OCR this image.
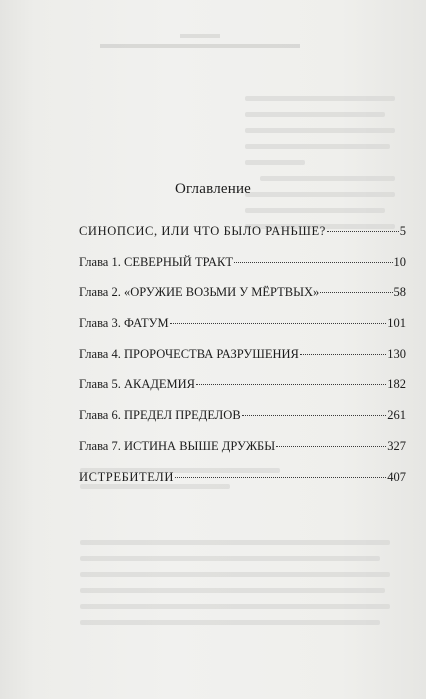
Оглавление
СИНОПСИС, ИЛИ ЧТО БЫЛО РАНЬШЕ?	5
Глава 1. СЕВЕРНЫЙ ТРАКТ	10
Глава 2. «ОРУЖИЕ ВОЗЬМИ У МЁРТВЫХ»	58
Глава 3. ФАТУМ	101
Глава 4. ПРОРОЧЕСТВА РАЗРУШЕНИЯ	130
Глава 5. АКАДЕМИЯ	182
Глава 6. ПРЕДЕЛ ПРЕДЕЛОВ	261
Глава 7. ИСТИНА ВЫШЕ ДРУЖБЫ	327
ИСТРЕБИТЕЛИ	407
